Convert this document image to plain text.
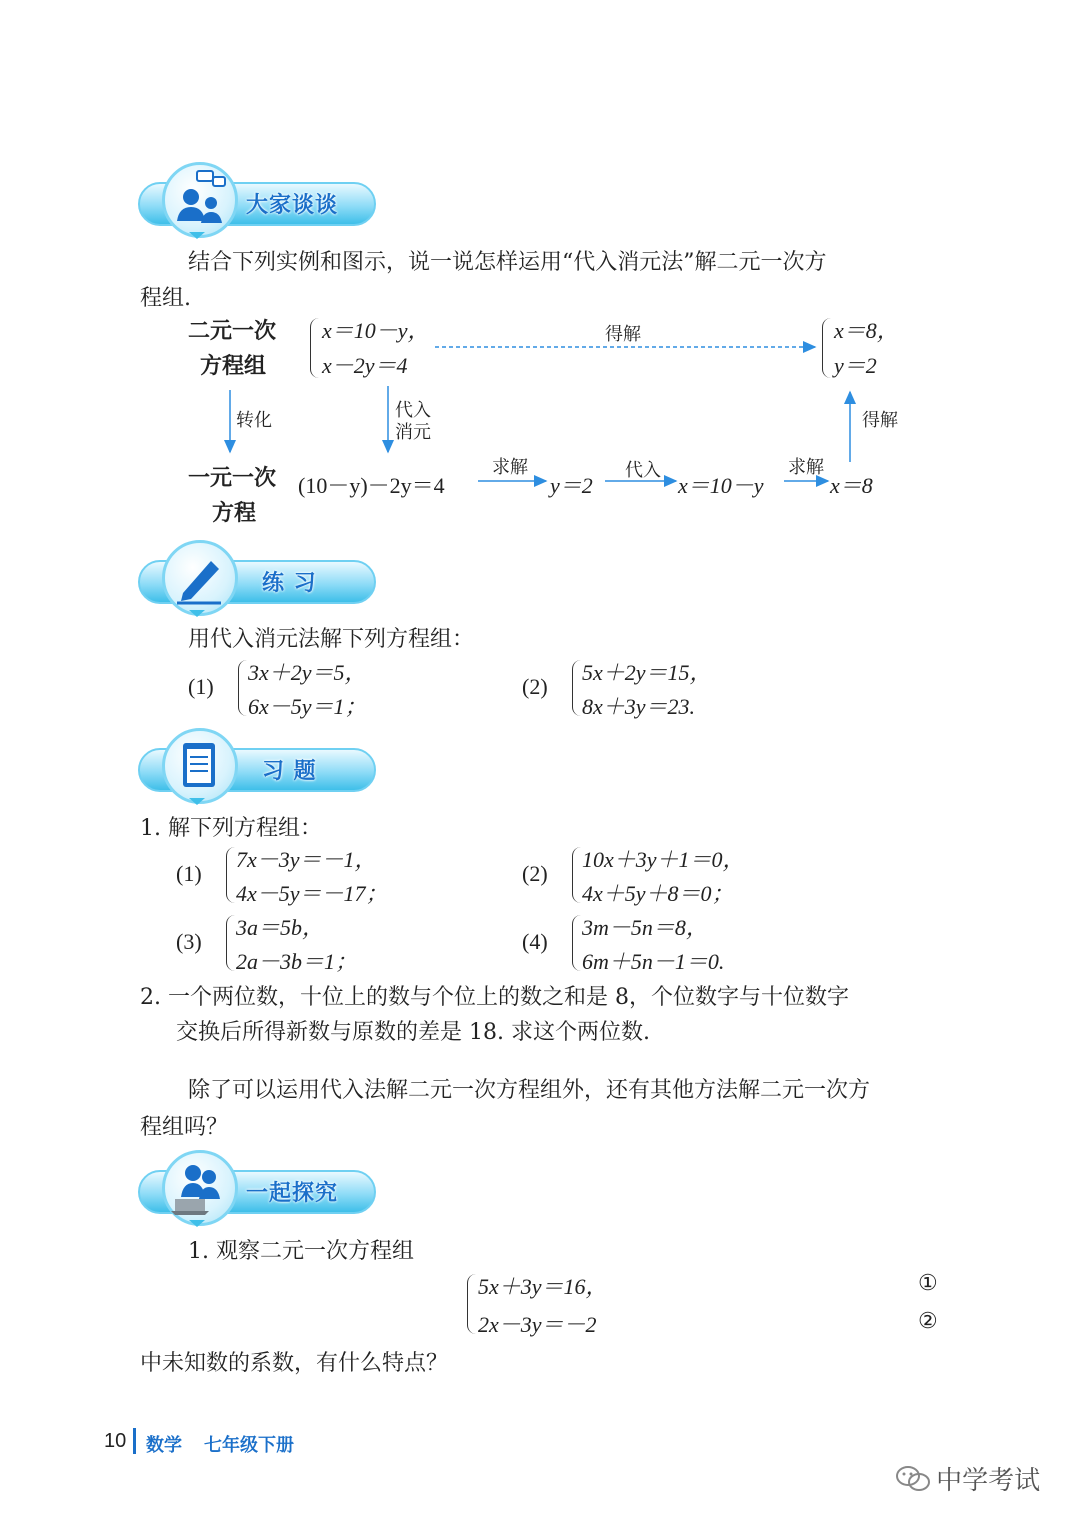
大家谈谈
结合下列实例和图示，说一说怎样运用“代入消元法”解二元一次方
程组.
二元一次
方程组
x＝10－y，
x－2y＝4
得解	x＝8，
y＝2
转化	代入
消元
得解
一元一次
方程
(10－y)－2y＝4
求解
y＝2
代入
x＝10－y
求解
x＝8
练 习
用代入消元法解下列方程组：
(1)
3x＋2y＝5，
6x－5y＝1；
(2)
5x＋2y＝15，
8x＋3y＝23.
习 题
1. 解下列方程组：
(1)
7x－3y＝－1，
4x－5y＝－17；
(2)
10x＋3y＋1＝0，
4x＋5y＋8＝0；
(3)
3a＝5b，
2a－3b＝1；
(4)
3m－5n＝8，
6m＋5n－1＝0.
2. 一个两位数，十位上的数与个位上的数之和是 8，个位数字与十位数字
交换后所得新数与原数的差是 18. 求这个两位数.
除了可以运用代入法解二元一次方程组外，还有其他方法解二元一次方
程组吗？
一起探究
1. 观察二元一次方程组
5x＋3y＝16，
2x－3y＝－2
①
②
中未知数的系数，有什么特点？
10 数学 七年级下册
中学考试
